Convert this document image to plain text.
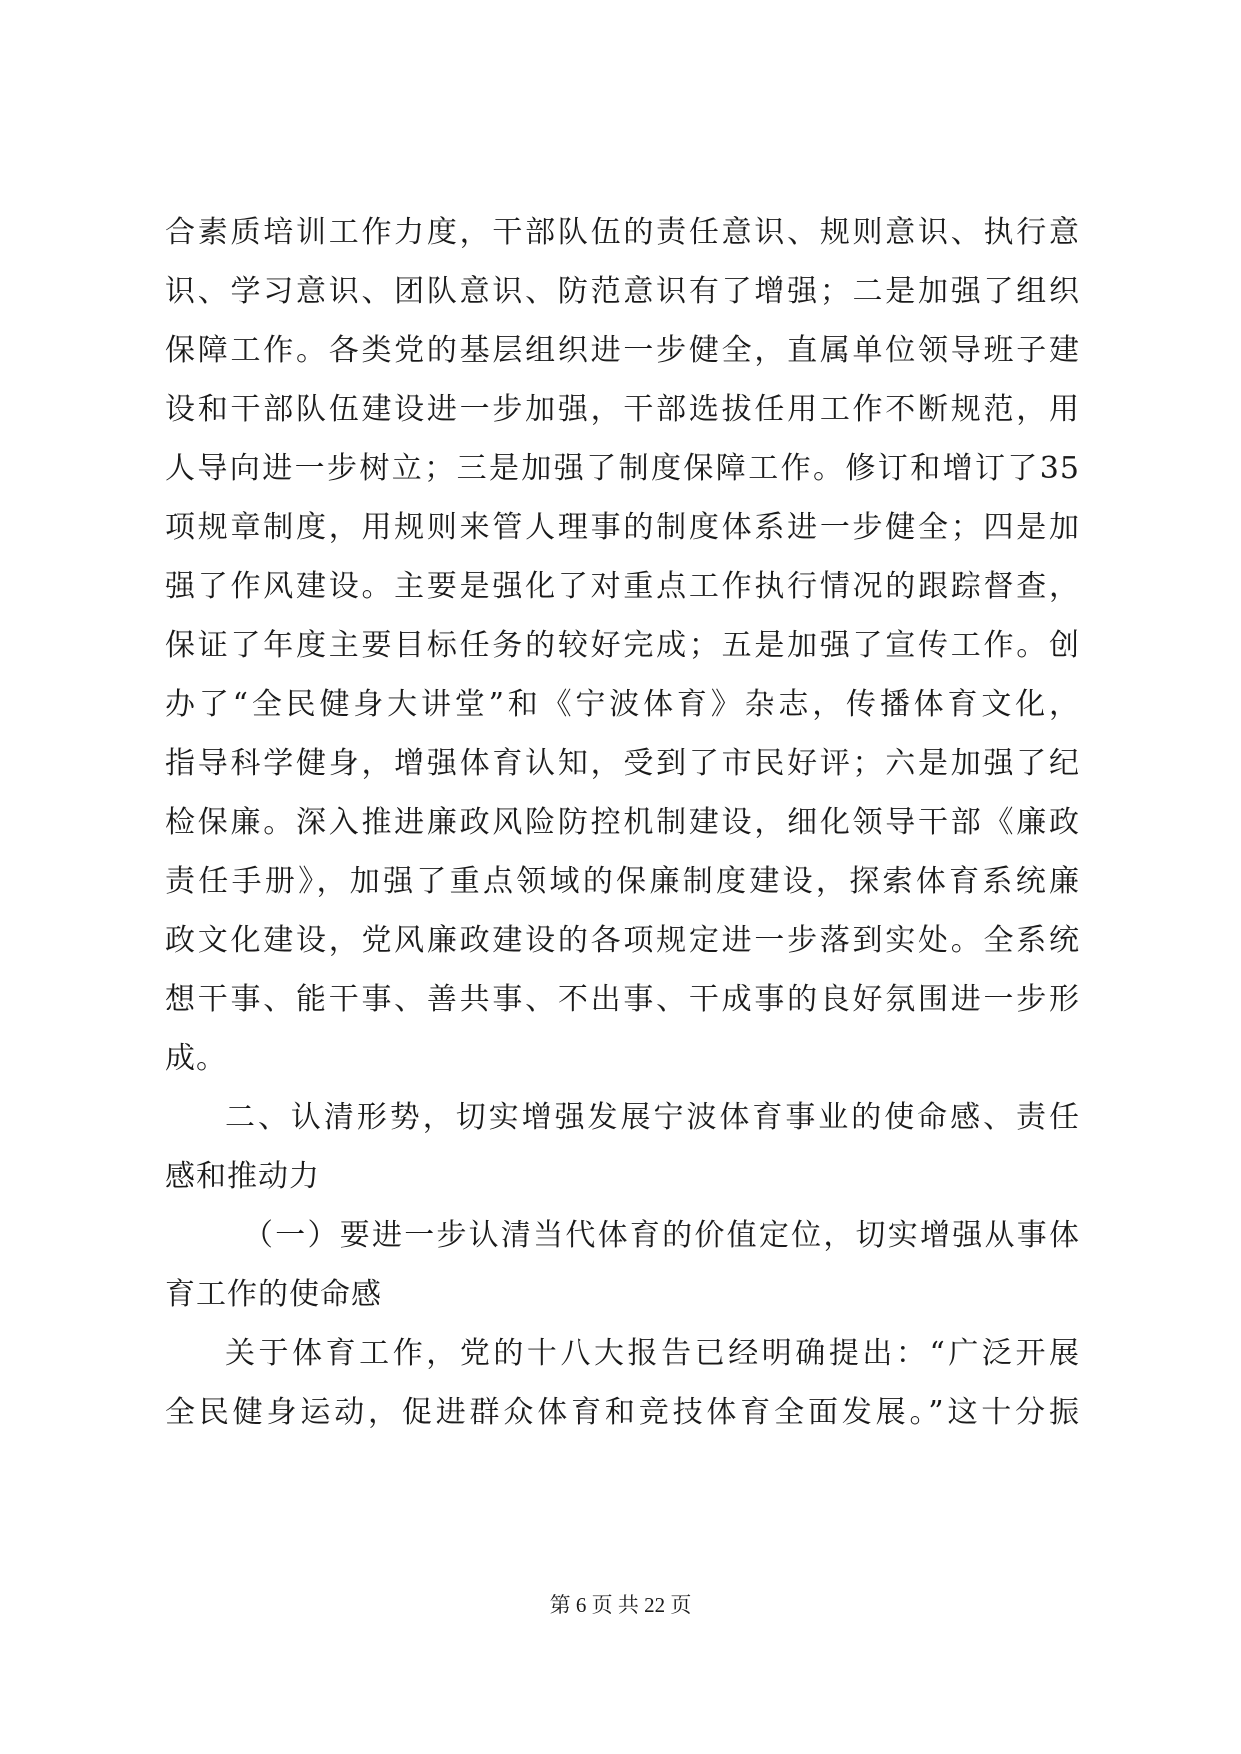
合素质培训工作力度，干部队伍的责任意识、规则意识、执行意
识、学习意识、团队意识、防范意识有了增强；二是加强了组织
保障工作。各类党的基层组织进一步健全，直属单位领导班子建
设和干部队伍建设进一步加强，干部选拔任用工作不断规范，用
人导向进一步树立；三是加强了制度保障工作。修订和增订了35
项规章制度，用规则来管人理事的制度体系进一步健全；四是加
强了作风建设。主要是强化了对重点工作执行情况的跟踪督查，
保证了年度主要目标任务的较好完成；五是加强了宣传工作。创
办了“全民健身大讲堂”和《宁波体育》杂志，传播体育文化，
指导科学健身，增强体育认知，受到了市民好评；六是加强了纪
检保廉。深入推进廉政风险防控机制建设，细化领导干部《廉政
责任手册》，加强了重点领域的保廉制度建设，探索体育系统廉
政文化建设，党风廉政建设的各项规定进一步落到实处。全系统
想干事、能干事、善共事、不出事、干成事的良好氛围进一步形
成。
二、认清形势，切实增强发展宁波体育事业的使命感、责任
感和推动力
（一）要进一步认清当代体育的价值定位，切实增强从事体
育工作的使命感
关于体育工作，党的十八大报告已经明确提出：“广泛开展
全民健身运动，促进群众体育和竞技体育全面发展。”这十分振
第 6 页 共 22 页
